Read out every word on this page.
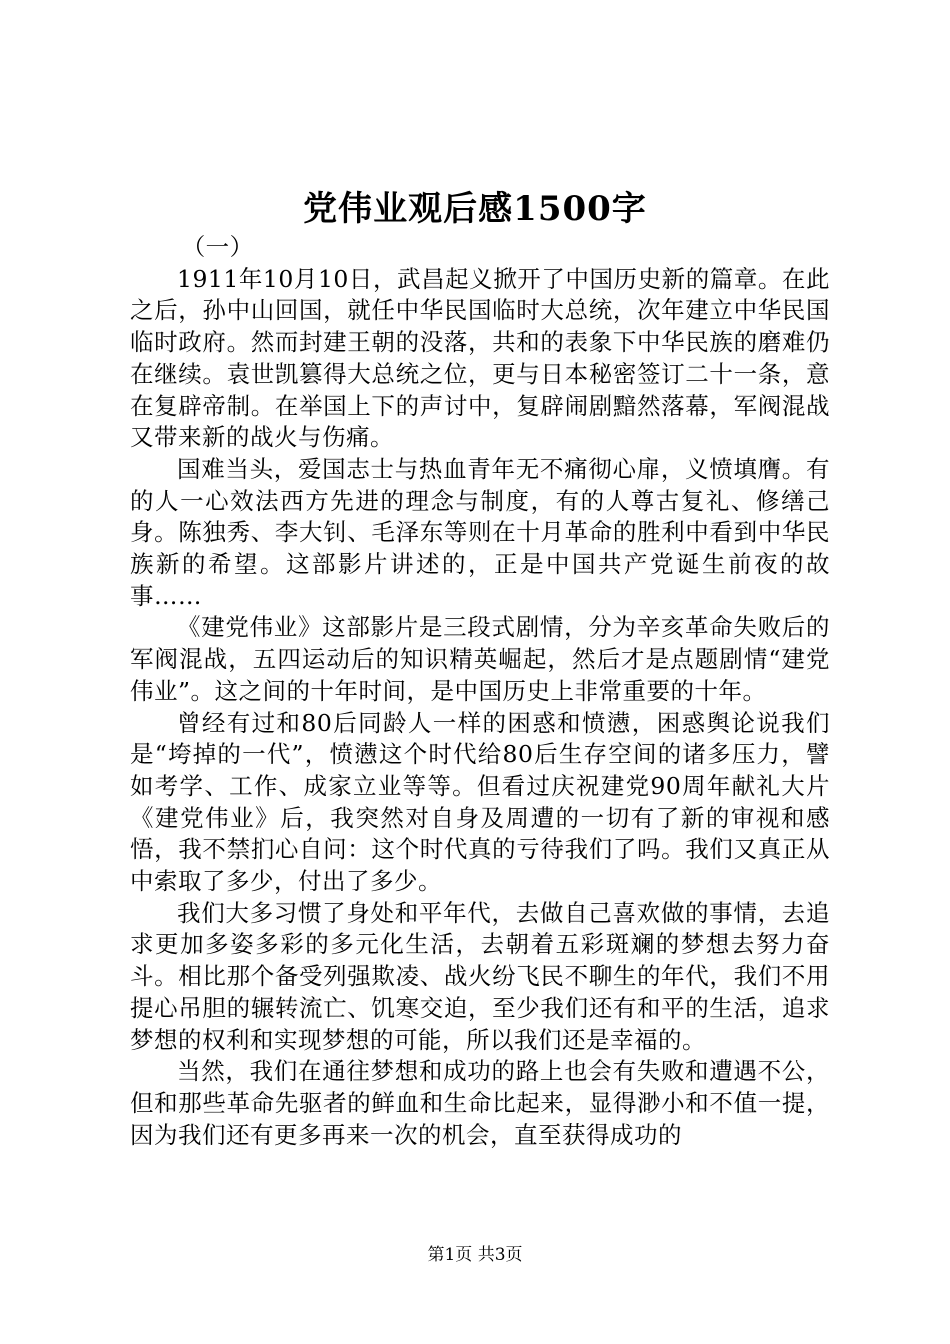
党伟业观后感1500字

（一）

1911年10月10日，武昌起义掀开了中国历史新的篇章。在此之后，孙中山回国，就任中华民国临时大总统，次年建立中华民国临时政府。然而封建王朝的没落，共和的表象下中华民族的磨难仍在继续。袁世凯篡得大总统之位，更与日本秘密签订二十一条，意在复辟帝制。在举国上下的声讨中，复辟闹剧黯然落幕，军阀混战又带来新的战火与伤痛。

国难当头，爱国志士与热血青年无不痛彻心扉，义愤填膺。有的人一心效法西方先进的理念与制度，有的人尊古复礼、修缮己身。陈独秀、李大钊、毛泽东等则在十月革命的胜利中看到中华民族新的希望。这部影片讲述的，正是中国共产党诞生前夜的故事……

《建党伟业》这部影片是三段式剧情，分为辛亥革命失败后的军阀混战，五四运动后的知识精英崛起，然后才是点题剧情“建党伟业”。这之间的十年时间，是中国历史上非常重要的十年。

曾经有过和80后同龄人一样的困惑和愤懑，困惑舆论说我们是“垮掉的一代”，愤懑这个时代给80后生存空间的诸多压力，譬如考学、工作、成家立业等等。但看过庆祝建党90周年献礼大片《建党伟业》后，我突然对自身及周遭的一切有了新的审视和感悟，我不禁扪心自问：这个时代真的亏待我们了吗。我们又真正从中索取了多少，付出了多少。

我们大多习惯了身处和平年代，去做自己喜欢做的事情，去追求更加多姿多彩的多元化生活，去朝着五彩斑斓的梦想去努力奋斗。相比那个备受列强欺凌、战火纷飞民不聊生的年代，我们不用提心吊胆的辗转流亡、饥寒交迫，至少我们还有和平的生活，追求梦想的权利和实现梦想的可能，所以我们还是幸福的。

当然，我们在通往梦想和成功的路上也会有失败和遭遇不公，但和那些革命先驱者的鲜血和生命比起来，显得渺小和不值一提，因为我们还有更多再来一次的机会，直至获得成功的

第1页 共3页
